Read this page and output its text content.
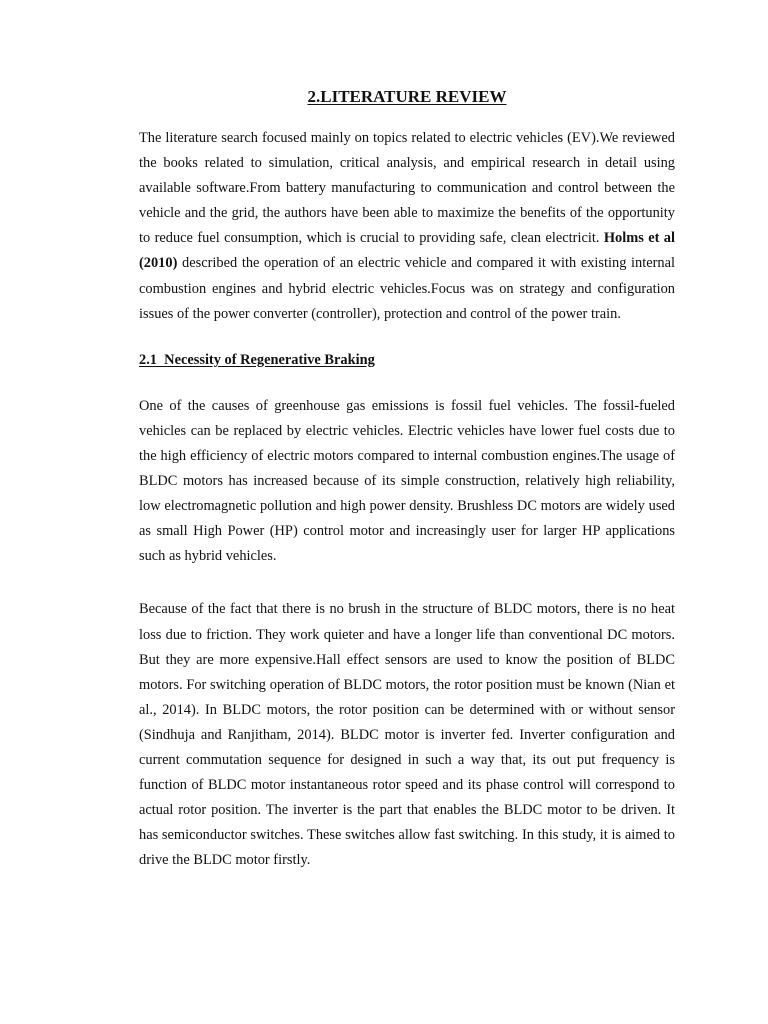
2.LITERATURE REVIEW

The literature search focused mainly on topics related to electric vehicles (EV).We reviewed the books related to simulation, critical analysis, and empirical research in detail using available software.From battery manufacturing to communication and control between the vehicle and the grid, the authors have been able to maximize the benefits of the opportunity to reduce fuel consumption, which is crucial to providing safe, clean electricit. Holms et al (2010) described the operation of an electric vehicle and compared it with existing internal combustion engines and hybrid electric vehicles.Focus was on strategy and configuration issues of the power converter (controller), protection and control of the power train.

2.1  Necessity of Regenerative Braking

One of the causes of greenhouse gas emissions is fossil fuel vehicles. The fossil-fueled vehicles can be replaced by electric vehicles. Electric vehicles have lower fuel costs due to the high efficiency of electric motors compared to internal combustion engines.The usage of BLDC motors has increased because of its simple construction, relatively high reliability, low electromagnetic pollution and high power density. Brushless DC motors are widely used as small High Power (HP) control motor and increasingly user for larger HP applications such as hybrid vehicles.

Because of the fact that there is no brush in the structure of BLDC motors, there is no heat loss due to friction. They work quieter and have a longer life than conventional DC motors. But they are more expensive.Hall effect sensors are used to know the position of BLDC motors. For switching operation of BLDC motors, the rotor position must be known (Nian et al., 2014). In BLDC motors, the rotor position can be determined with or without sensor (Sindhuja and Ranjitham, 2014). BLDC motor is inverter fed. Inverter configuration and current commutation sequence for designed in such a way that, its out put frequency is function of BLDC motor instantaneous rotor speed and its phase control will correspond to actual rotor position. The inverter is the part that enables the BLDC motor to be driven. It has semiconductor switches. These switches allow fast switching. In this study, it is aimed to drive the BLDC motor firstly.
